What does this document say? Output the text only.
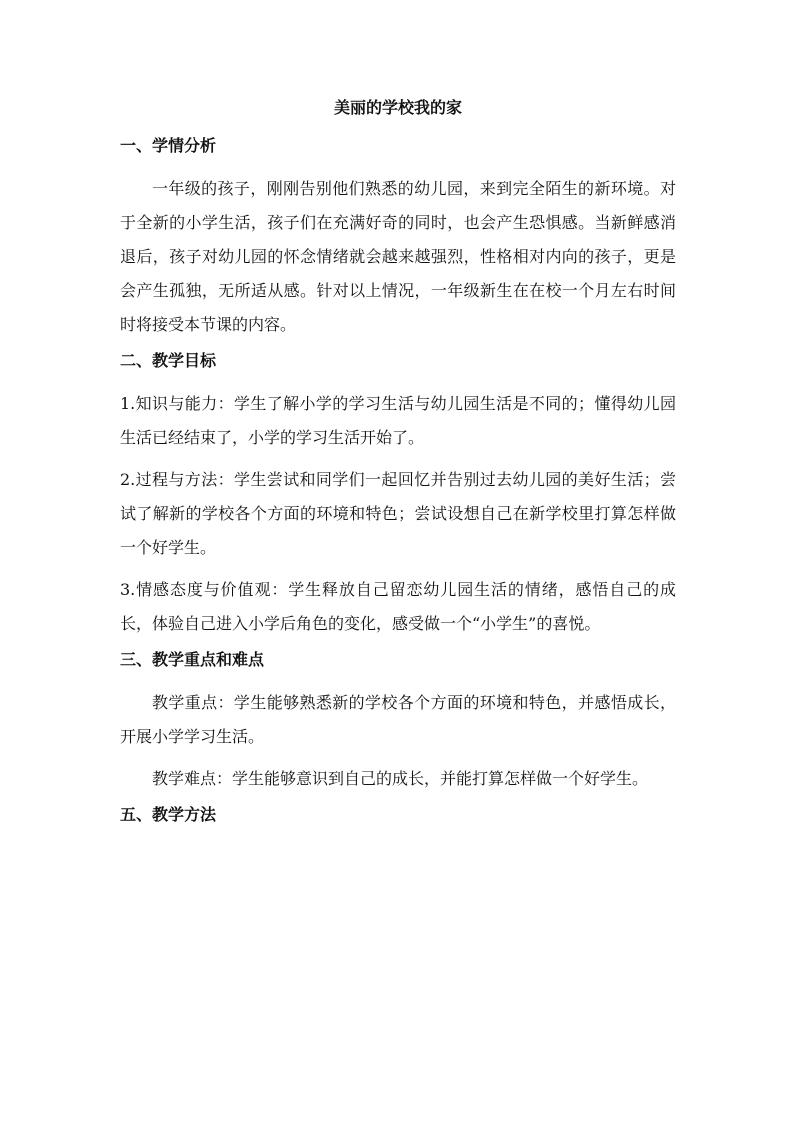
美丽的学校我的家
一、学情分析

一年级的孩子，刚刚告别他们熟悉的幼儿园，来到完全陌生的新环境。对于全新的小学生活，孩子们在充满好奇的同时，也会产生恐惧感。当新鲜感消退后，孩子对幼儿园的怀念情绪就会越来越强烈，性格相对内向的孩子，更是会产生孤独，无所适从感。针对以上情况，一年级新生在在校一个月左右时间时将接受本节课的内容。

二、教学目标

1.知识与能力：学生了解小学的学习生活与幼儿园生活是不同的；懂得幼儿园生活已经结束了，小学的学习生活开始了。

2.过程与方法：学生尝试和同学们一起回忆并告别过去幼儿园的美好生活；尝试了解新的学校各个方面的环境和特色；尝试设想自己在新学校里打算怎样做一个好学生。

3.情感态度与价值观：学生释放自己留恋幼儿园生活的情绪，感悟自己的成长，体验自己进入小学后角色的变化，感受做一个“小学生”的喜悦。

三、教学重点和难点

教学重点：学生能够熟悉新的学校各个方面的环境和特色，并感悟成长，开展小学学习生活。

教学难点：学生能够意识到自己的成长，并能打算怎样做一个好学生。

五、教学方法
